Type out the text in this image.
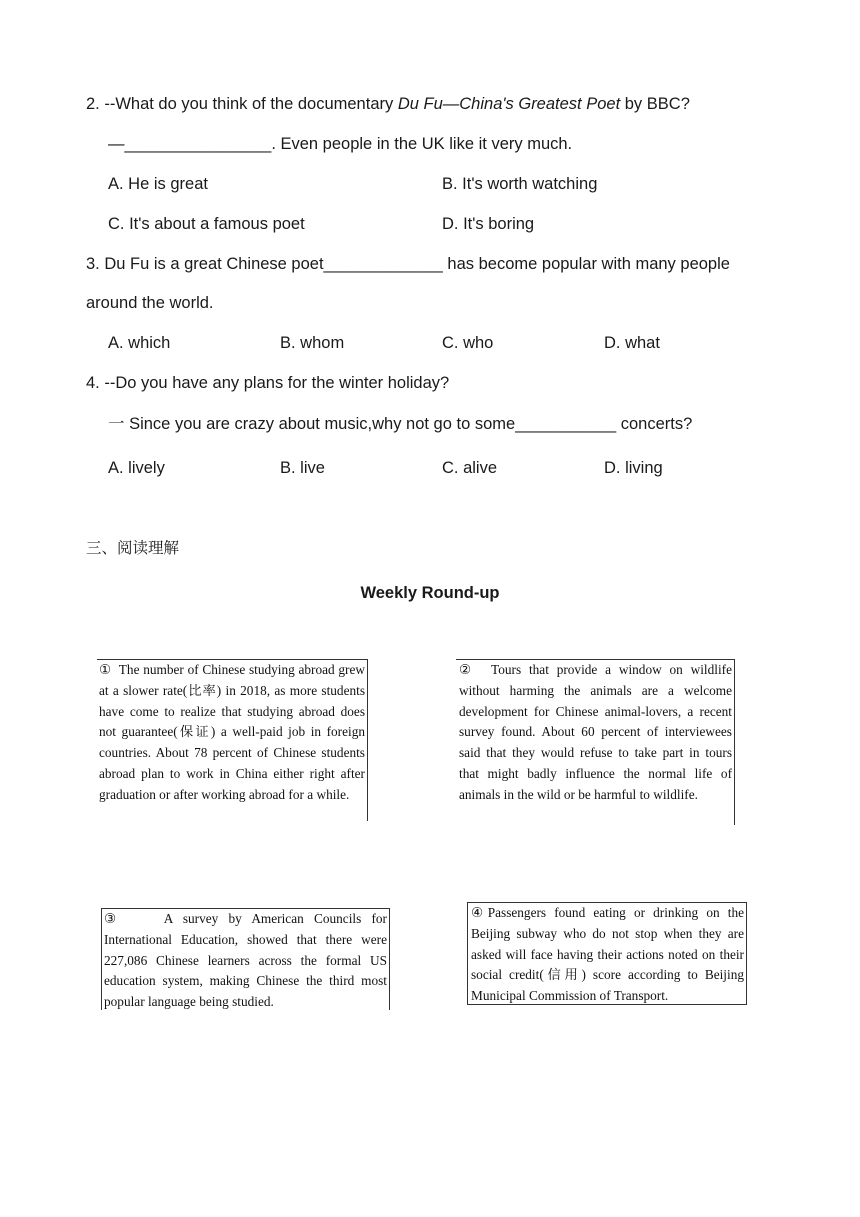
2. --What do you think of the documentary Du Fu—China's Greatest Poet by BBC?
—________________. Even people in the UK like it very much.
A. He is great	B. It's worth watching
C. It's about a famous poet	D. It's boring
3. Du Fu is a great Chinese poet_____________ has become popular with many people
around the world.
A. which	B. whom	C. who	D. what
4. --Do you have any plans for the winter holiday?
一 Since you are crazy about music,why not go to some___________ concerts?
A. lively	B. live	C. alive	D. living
三、阅读理解
Weekly Round-up
①  The number of Chinese studying abroad grew at a slower rate(比率) in 2018, as more students have come to realize that studying abroad does not guarantee(保证) a well-paid job in foreign countries. About 78 percent of Chinese students abroad plan to work in China either right after graduation or after working abroad for a while.
②  Tours that provide a window on wildlife without harming the animals are a welcome development for Chinese animal-lovers, a recent survey found. About 60 percent of interviewees said that they would refuse to take part in tours that might badly influence the normal life of animals in the wild or be harmful to wildlife.
③    A survey by American Councils for International Education, showed that there were 227,086 Chinese learners across the formal US education system, making Chinese the third most popular language being studied.
④Passengers found eating or drinking on the Beijing subway who do not stop when they are asked will face having their actions noted on their social credit(信用) score according to Beijing Municipal Commission of Transport.
